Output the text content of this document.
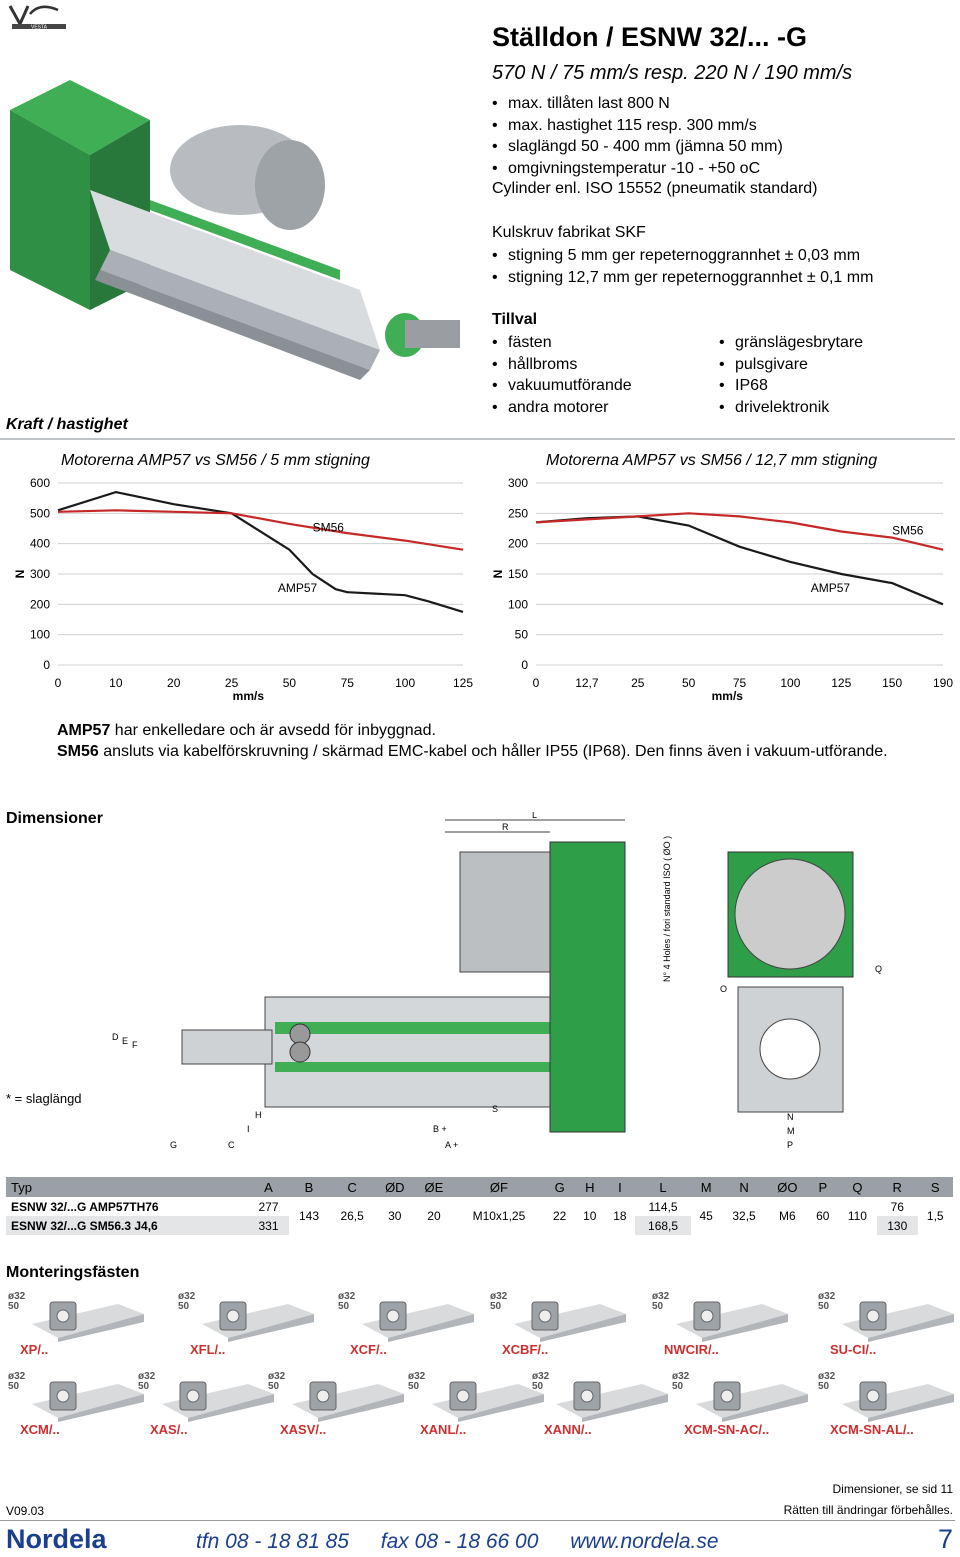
VESTA	Ställdon / ESNW 32/... -G
570 N / 75 mm/s resp. 220 N / 190 mm/s
• max. tillåten last 800 N
• max. hastighet 115 resp. 300 mm/s
• slaglängd 50 - 400 mm (jämna 50 mm)
• omgivningstemperatur -10 - +50 oC
Cylinder enl. ISO 15552 (pneumatik standard)
Kulskruv fabrikat SKF
• stigning 5 mm ger repeternoggrannhet ± 0,03 mm
• stigning 12,7 mm ger repeternoggrannhet ± 0,1 mm
Tillval
• fästen
• hållbroms
• vakuumutförande
• andra motorer
• gränslägesbrytare
• pulsgivare
• IP68
• drivelektronik
Kraft / hastighet
Motorerna AMP57 vs SM56 / 5 mm stigning	Motorerna AMP57 vs SM56 / 12,7 mm stigning
0
100
200
300
400
500
600
0	10	20	25	50	75	100	125
mm/s
N
SM56
AMP57
0
50
100
150
200
250
300
0	12,7	25	50	75	100	125	150	190
mm/s
N
SM56
AMP57
AMP57 har enkelledare och är avsedd för inbyggnad.
SM56 ansluts via kabelförskruvning / skärmad EMC-kabel och håller IP55 (IP68). Den finns även i vakuum-utförande.
Dimensioner	L
R
D E F
H
I
G	C
B +
A +
S
N
M
P
O
Q
N° 4 Holes / fori standard ISO ( ØO )
* = slaglängd
Typ	A	B	C	ØD	ØE	ØF	G	H	I	L	M	N	ØO	P	Q	R	S
ESNW 32/...G AMP57TH76	277	143	26,5	30	20	M10x1,25	22	10	18	114,5	45	32,5	M6	60	110	76	1,5
ESNW 32/...G SM56.3 J4,6	331									168,5						130	
Monteringsfästen
ø32
50
XP/..
ø32
50
XFL/..
ø32
50
XCF/..
ø32
50
XCBF/..
ø32
50
NWCIR/..
ø32
50
SU-CI/..
ø32
50
XCM/..
ø32
50
XAS/..
ø32
50
XASV/..
ø32
50
XANL/..
ø32
50
XANN/..
ø32
50
XCM-SN-AC/..
ø32
50
XCM-SN-AL/..
Dimensioner, se sid 11
V09.03	Rätten till ändringar förbehålles.
Nordela	tfn 08 - 18 81 85 fax 08 - 18 66 00 www.nordela.se	7
